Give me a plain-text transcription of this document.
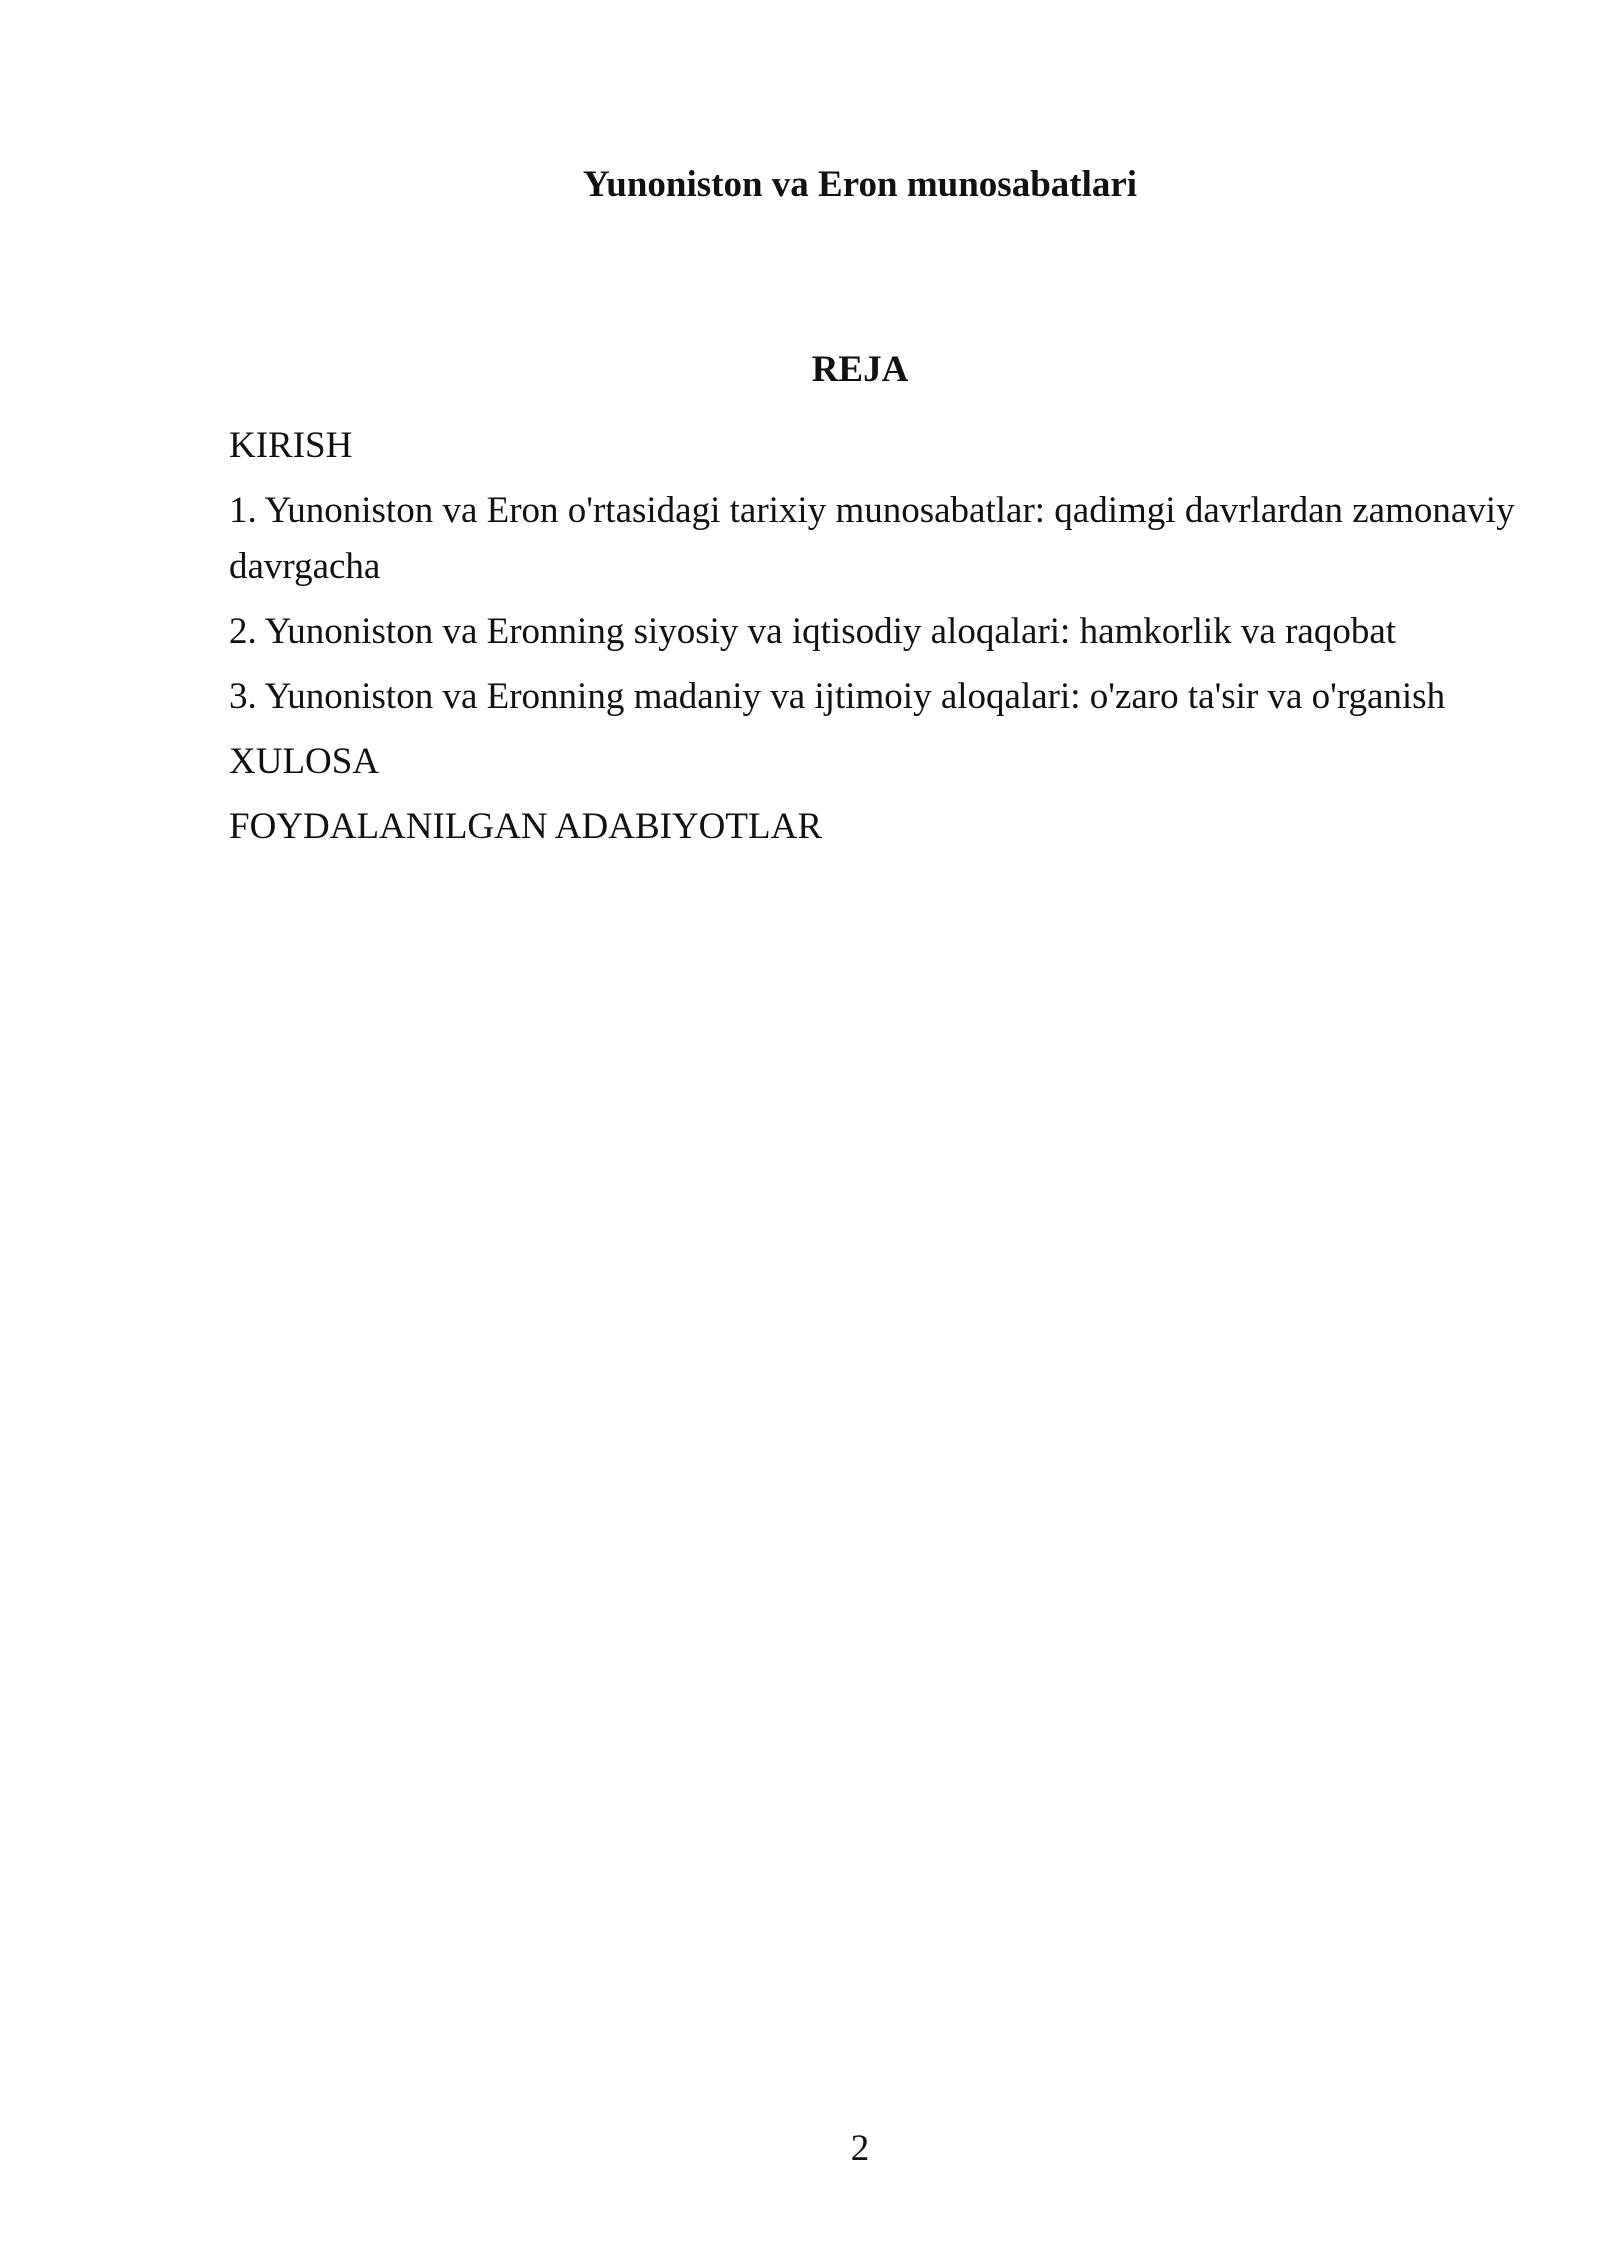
Yunoniston va Eron munosabatlari
REJA
KIRISH
1. Yunoniston va Eron o'rtasidagi tarixiy munosabatlar: qadimgi davrlardan zamonaviy davrgacha
2. Yunoniston va Eronning siyosiy va iqtisodiy aloqalari: hamkorlik va raqobat
3. Yunoniston va Eronning madaniy va ijtimoiy aloqalari: o'zaro ta'sir va o'rganish
XULOSA
FOYDALANILGAN ADABIYOTLAR
2
